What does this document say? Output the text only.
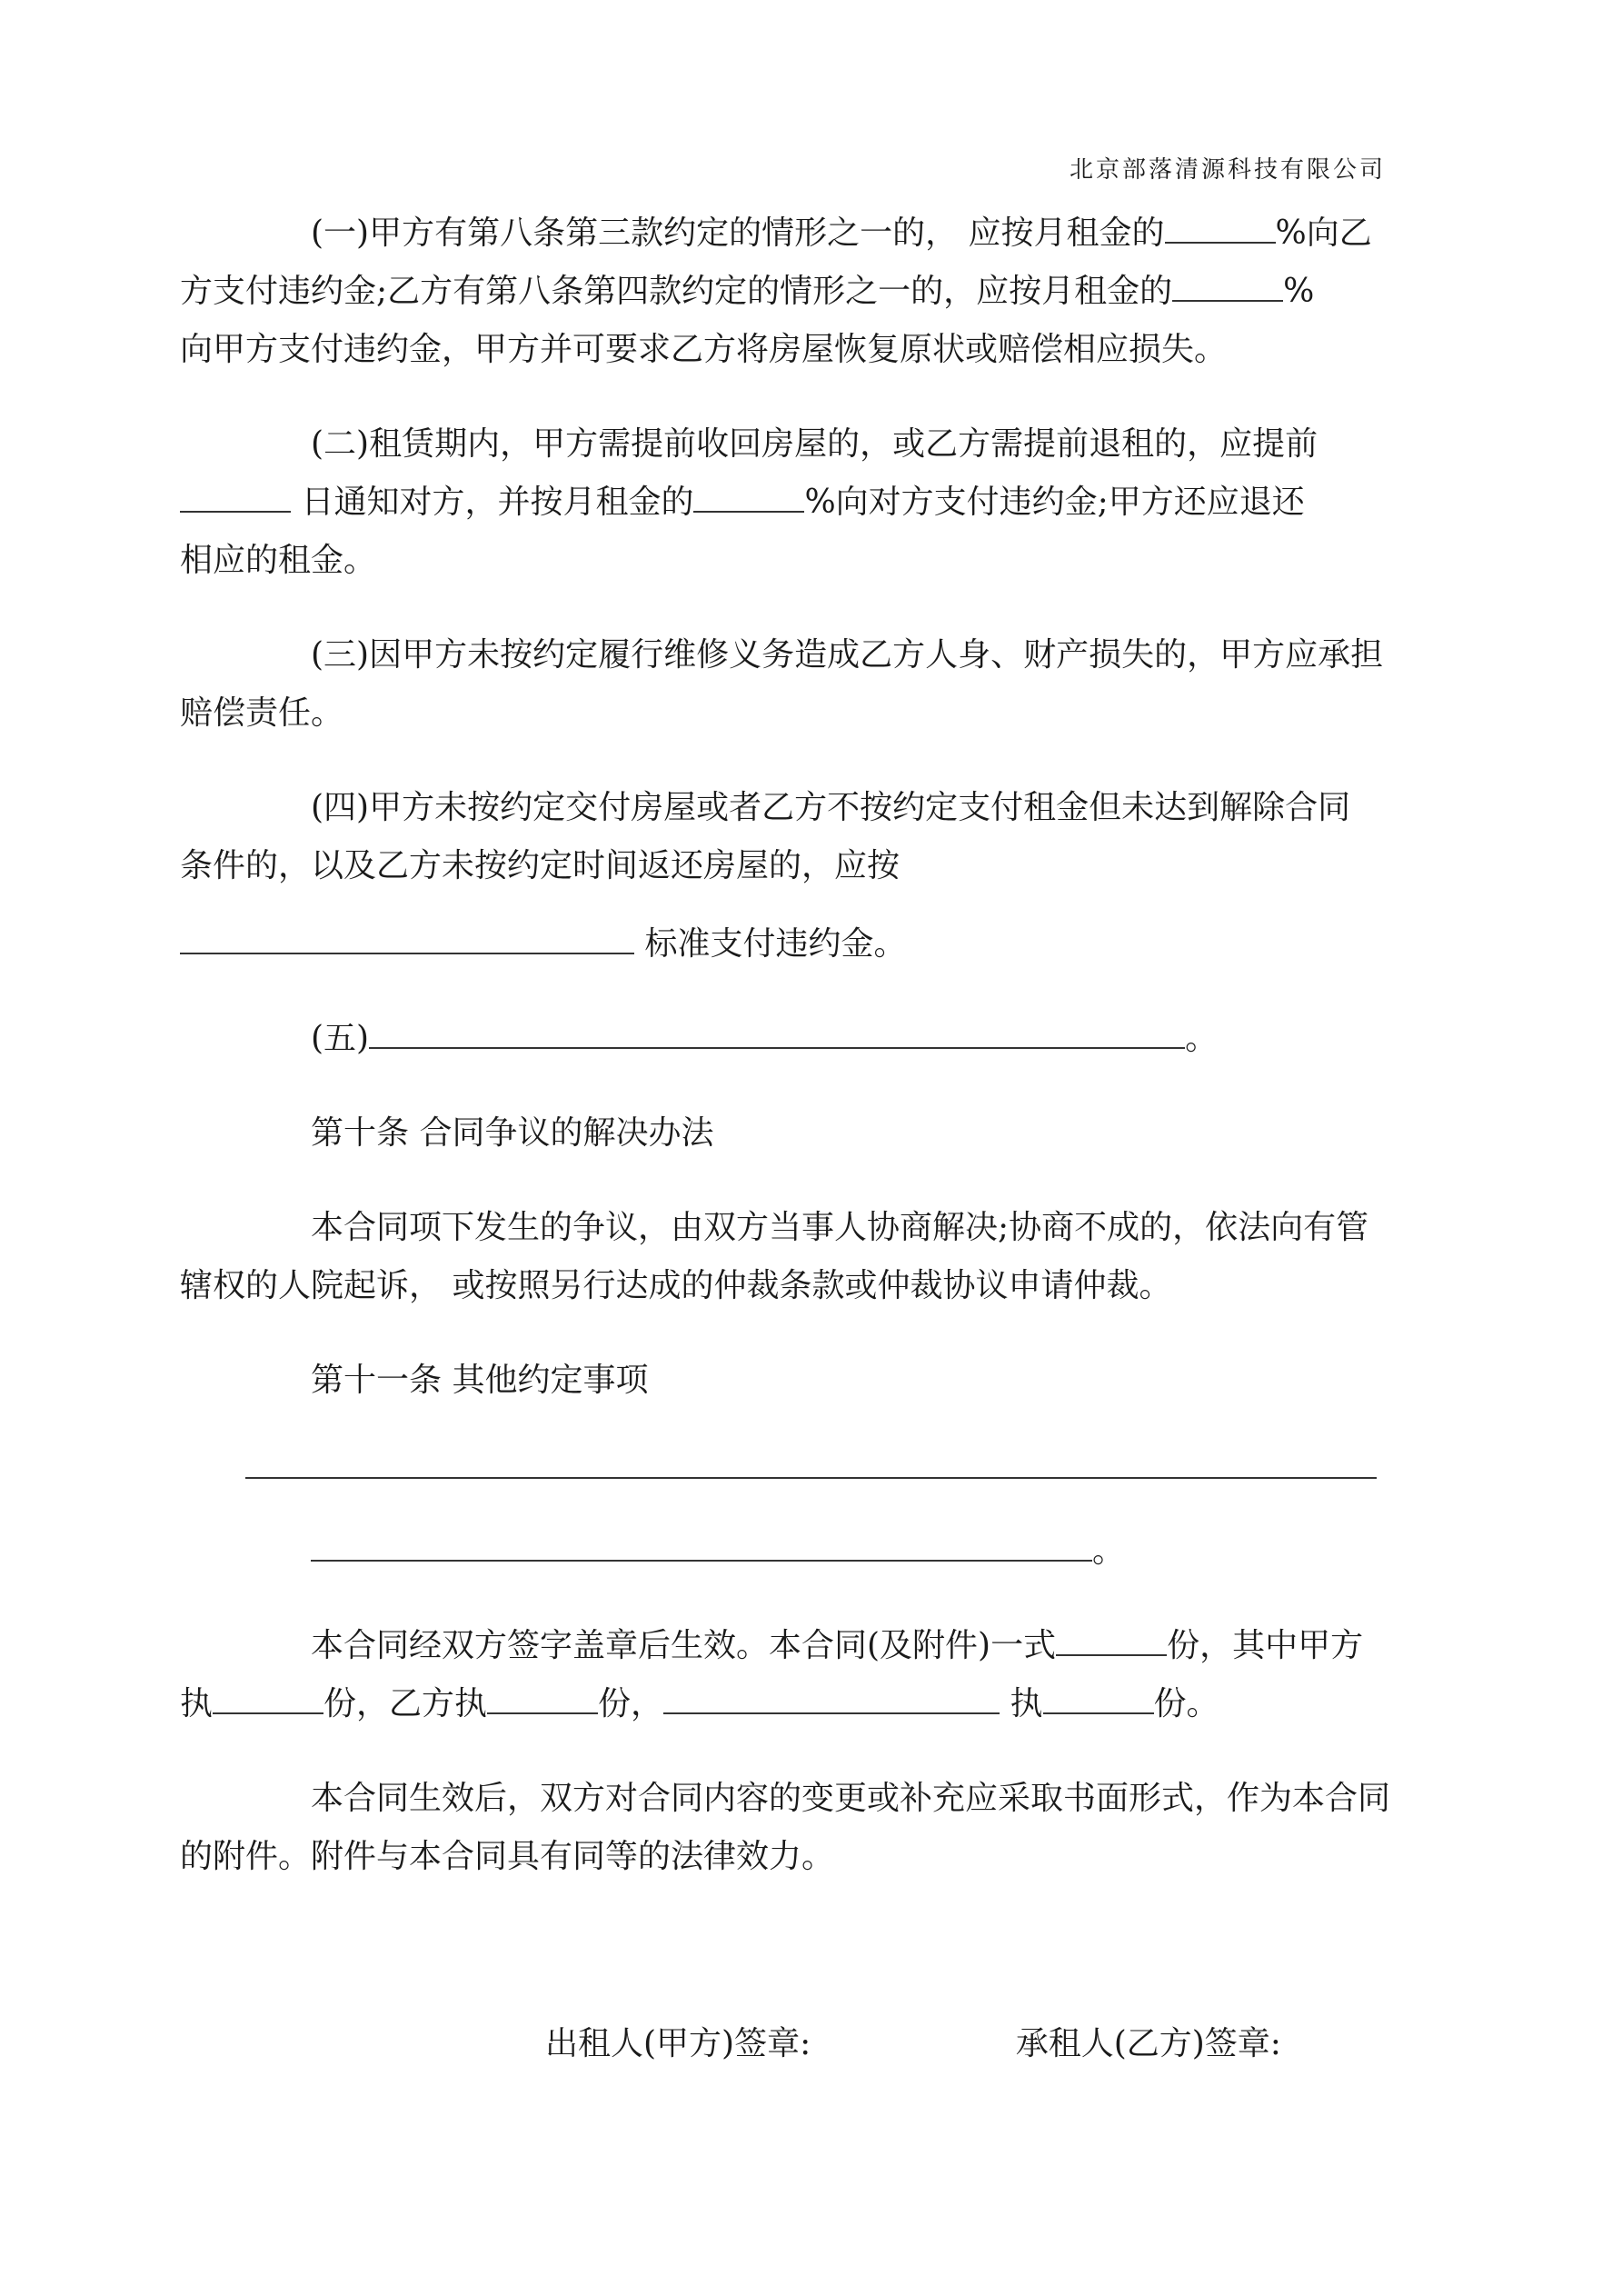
北京部落清源科技有限公司
(一)甲方有第八条第三款约定的情形之一的， 应按月租金的	%向乙
方支付违约金;乙方有第八条第四款约定的情形之一的，应按月租金的	%
向甲方支付违约金，甲方并可要求乙方将房屋恢复原状或赔偿相应损失。
(二)租赁期内，甲方需提前收回房屋的，或乙方需提前退租的，应提前
日通知对方，并按月租金的	%向对方支付违约金;甲方还应退还
相应的租金。
(三)因甲方未按约定履行维修义务造成乙方人身、财产损失的，甲方应承担
赔偿责任。
(四)甲方未按约定交付房屋或者乙方不按约定支付租金但未达到解除合同
条件的，以及乙方未按约定时间返还房屋的，应按
标准支付违约金。
(五)	。
第十条 合同争议的解决办法
本合同项下发生的争议，由双方当事人协商解决;协商不成的，依法向有管
辖权的人院起诉， 或按照另行达成的仲裁条款或仲裁协议申请仲裁。
第十一条 其他约定事项
。
本合同经双方签字盖章后生效。本合同(及附件)一式	份，其中甲方
执	份，乙方执	份，	执	份。
本合同生效后，双方对合同内容的变更或补充应采取书面形式，作为本合同
的附件。附件与本合同具有同等的法律效力。
出租人(甲方)签章:	承租人(乙方)签章:
